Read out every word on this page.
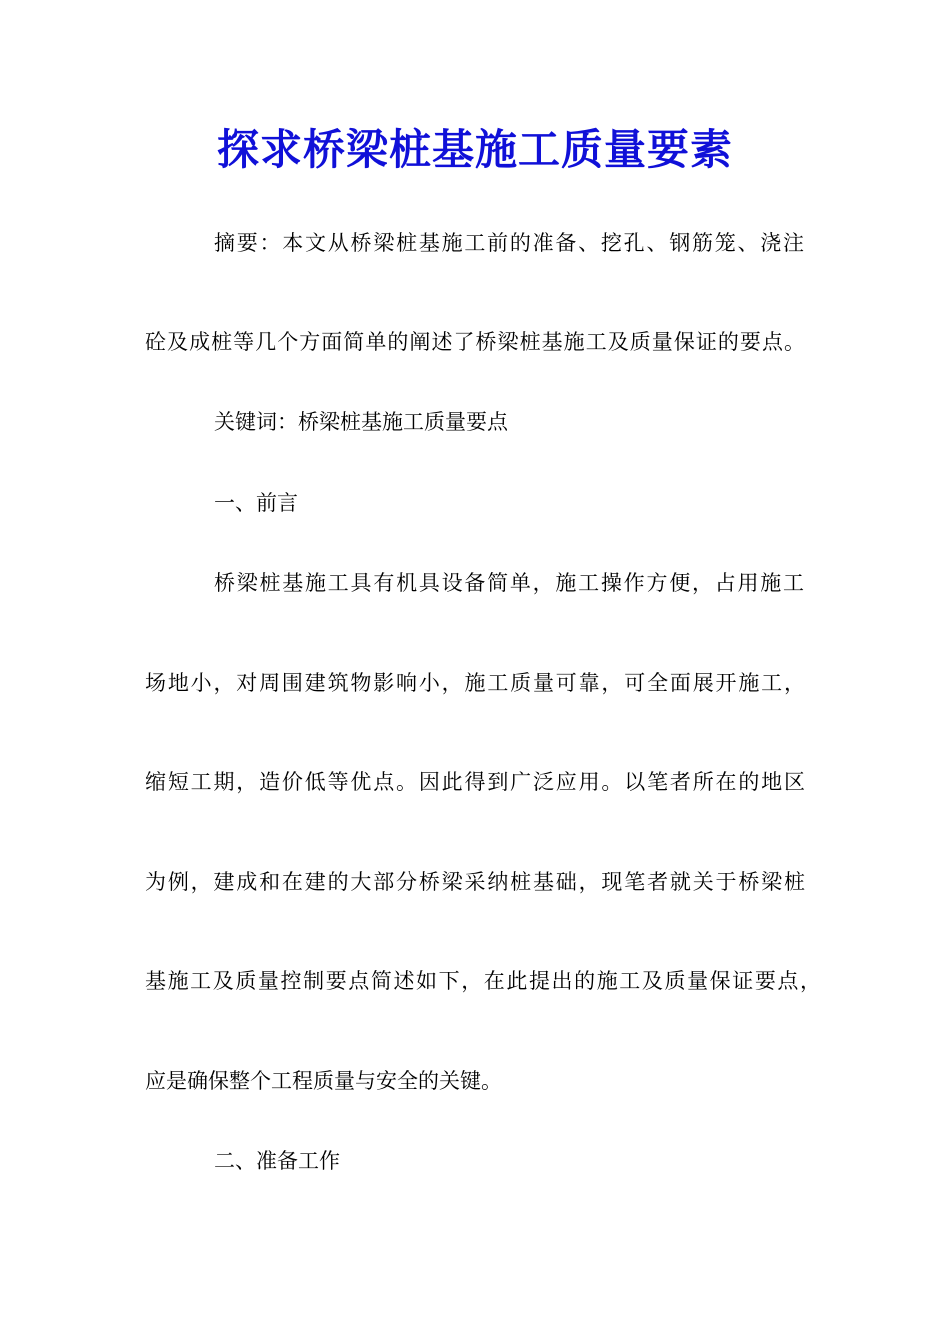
探求桥梁桩基施工质量要素
摘要：本文从桥梁桩基施工前的准备、挖孔、钢筋笼、浇注
砼及成桩等几个方面简单的阐述了桥梁桩基施工及质量保证的要点。
关键词：桥梁桩基施工质量要点
一、前言
桥梁桩基施工具有机具设备简单，施工操作方便，占用施工
场地小，对周围建筑物影响小，施工质量可靠，可全面展开施工，
缩短工期，造价低等优点。因此得到广泛应用。以笔者所在的地区
为例，建成和在建的大部分桥梁采纳桩基础，现笔者就关于桥梁桩
基施工及质量控制要点简述如下，在此提出的施工及质量保证要点，
应是确保整个工程质量与安全的关键。
二、准备工作
